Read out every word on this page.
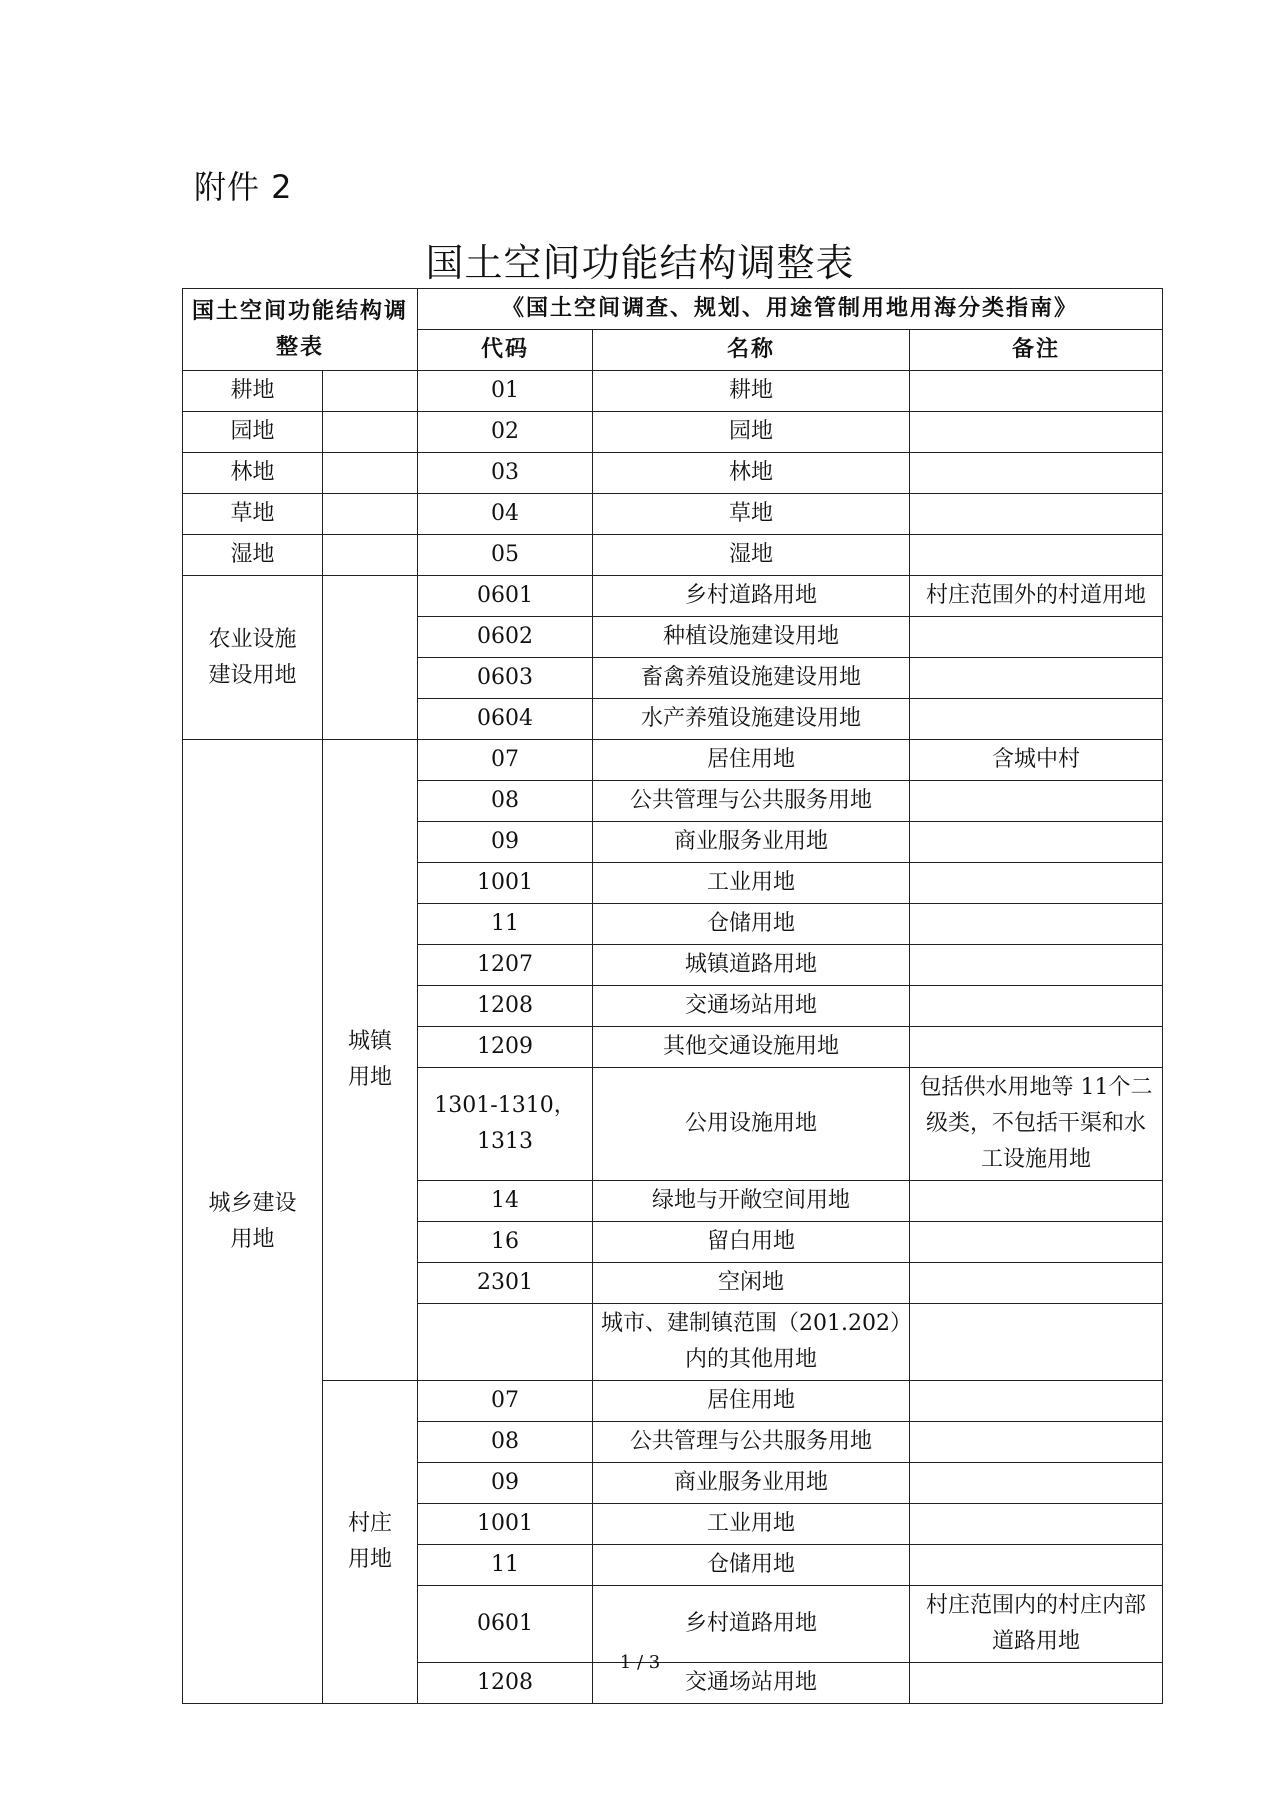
附件 2
国土空间功能结构调整表
国土空间功能结构调整表		《国土空间调查、规划、用途管制用地用海分类指南》		
		代码	名称	备注
耕地		01	耕地	
园地		02	园地	
林地		03	林地	
草地		04	草地	
湿地		05	湿地	
农业设施建设用地		0601	乡村道路用地	村庄范围外的村道用地
		0602	种植设施建设用地	
		0603	畜禽养殖设施建设用地	
		0604	水产养殖设施建设用地	
城乡建设用地	城镇用地	07	居住用地	含城中村
		08	公共管理与公共服务用地	
		09	商业服务业用地	
		1001	工业用地	
		11	仓储用地	
		1207	城镇道路用地	
		1208	交通场站用地	
		1209	其他交通设施用地	
		1301-1310，1313	公用设施用地	包括供水用地等 11个二级类，不包括干渠和水工设施用地
		14	绿地与开敞空间用地	
		16	留白用地	
		2301	空闲地	
			城市、建制镇范围（201.202）内的其他用地	
	村庄用地	07	居住用地	
		08	公共管理与公共服务用地	
		09	商业服务业用地	
		1001	工业用地	
		11	仓储用地	
		0601	乡村道路用地	村庄范围内的村庄内部道路用地
		1208	交通场站用地	
1 / 3
